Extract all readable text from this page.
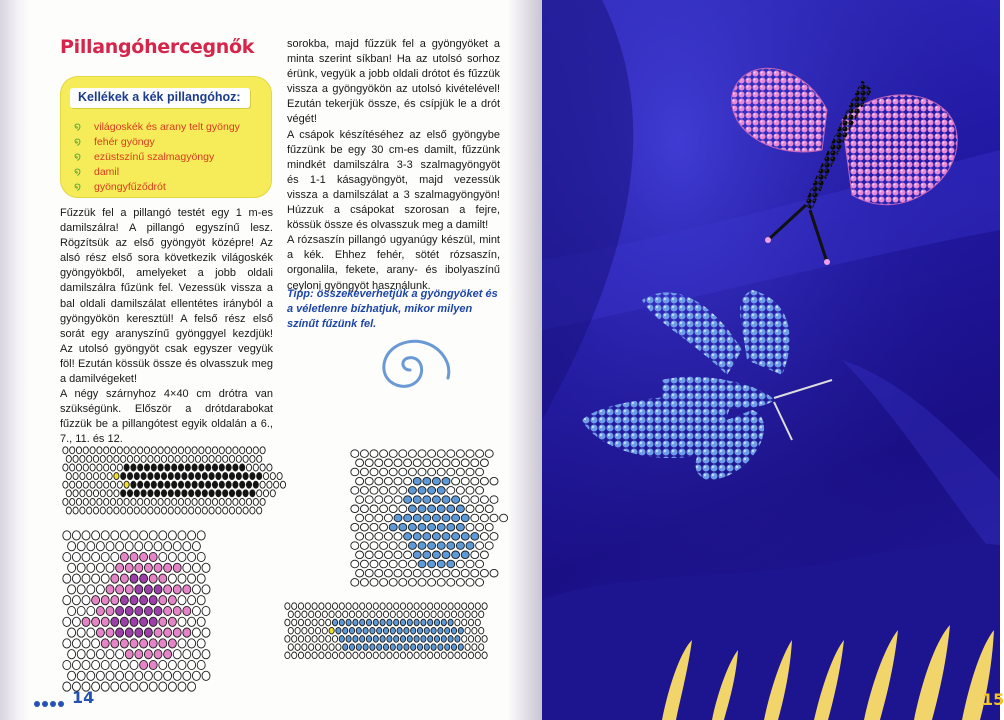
Pillangóhercegnők
Kellékek a kék pillangóhoz:
໑ világoskék és arany telt gyöngy
໑ fehér gyöngy
໑ ezüstszínű szalmagyöngy
໑ damil
໑ gyöngyfűződrót

Fűzzük fel a pillangó testét egy 1 m-es damilszálra! A pillangó egyszínű lesz. Rögzítsük az első gyöngyöt középre! Az alsó rész első sora következik világoskék gyöngyökből, amelyeket a jobb oldali damilszálra fűzünk fel. Vezessük vissza a bal oldali damilszálat ellentétes irányból a gyöngyökön keresztül! A felső rész első sorát egy aranyszínű gyönggyel kezdjük! Az utolsó gyöngyöt csak egyszer vegyük föl! Ezután kössük össze és olvasszuk meg a damilvégeket!

A négy szárnyhoz 4×40 cm drótra van szükségünk. Először a drótdarabokat fűzzük be a pillangótest egyik oldalán a 6., 7., 11. és 12.

sorokba, majd fűzzük fel a gyöngyöket a minta szerint síkban! Ha az utolsó sorhoz érünk, vegyük a jobb oldali drótot és fűzzük vissza a gyöngyökön az utolsó kivételével! Ezután tekerjük össze, és csípjük le a drót végét!

A csápok készítéséhez az első gyöngybe fűzzünk be egy 30 cm-es damilt, fűzzünk mindkét damilszálra 3-3 szalmagyöngyöt és 1-1 kásagyöngyöt, majd vezessük vissza a damilszálat a 3 szalmagyöngyön! Húzzuk a csápokat szorosan a fejre, kössük össze és olvasszuk meg a damilt!

A rózsaszín pillangó ugyanúgy készül, mint a kék. Ehhez fehér, sötét rózsaszín, orgonalila, fekete, arany- és ibolyaszínű ceyloni gyöngyöt használunk.

Tipp: összekeverhetjük a gyöngyöket és a véletlenre bízhatjuk, mikor milyen színűt fűzünk fel.
14	15
